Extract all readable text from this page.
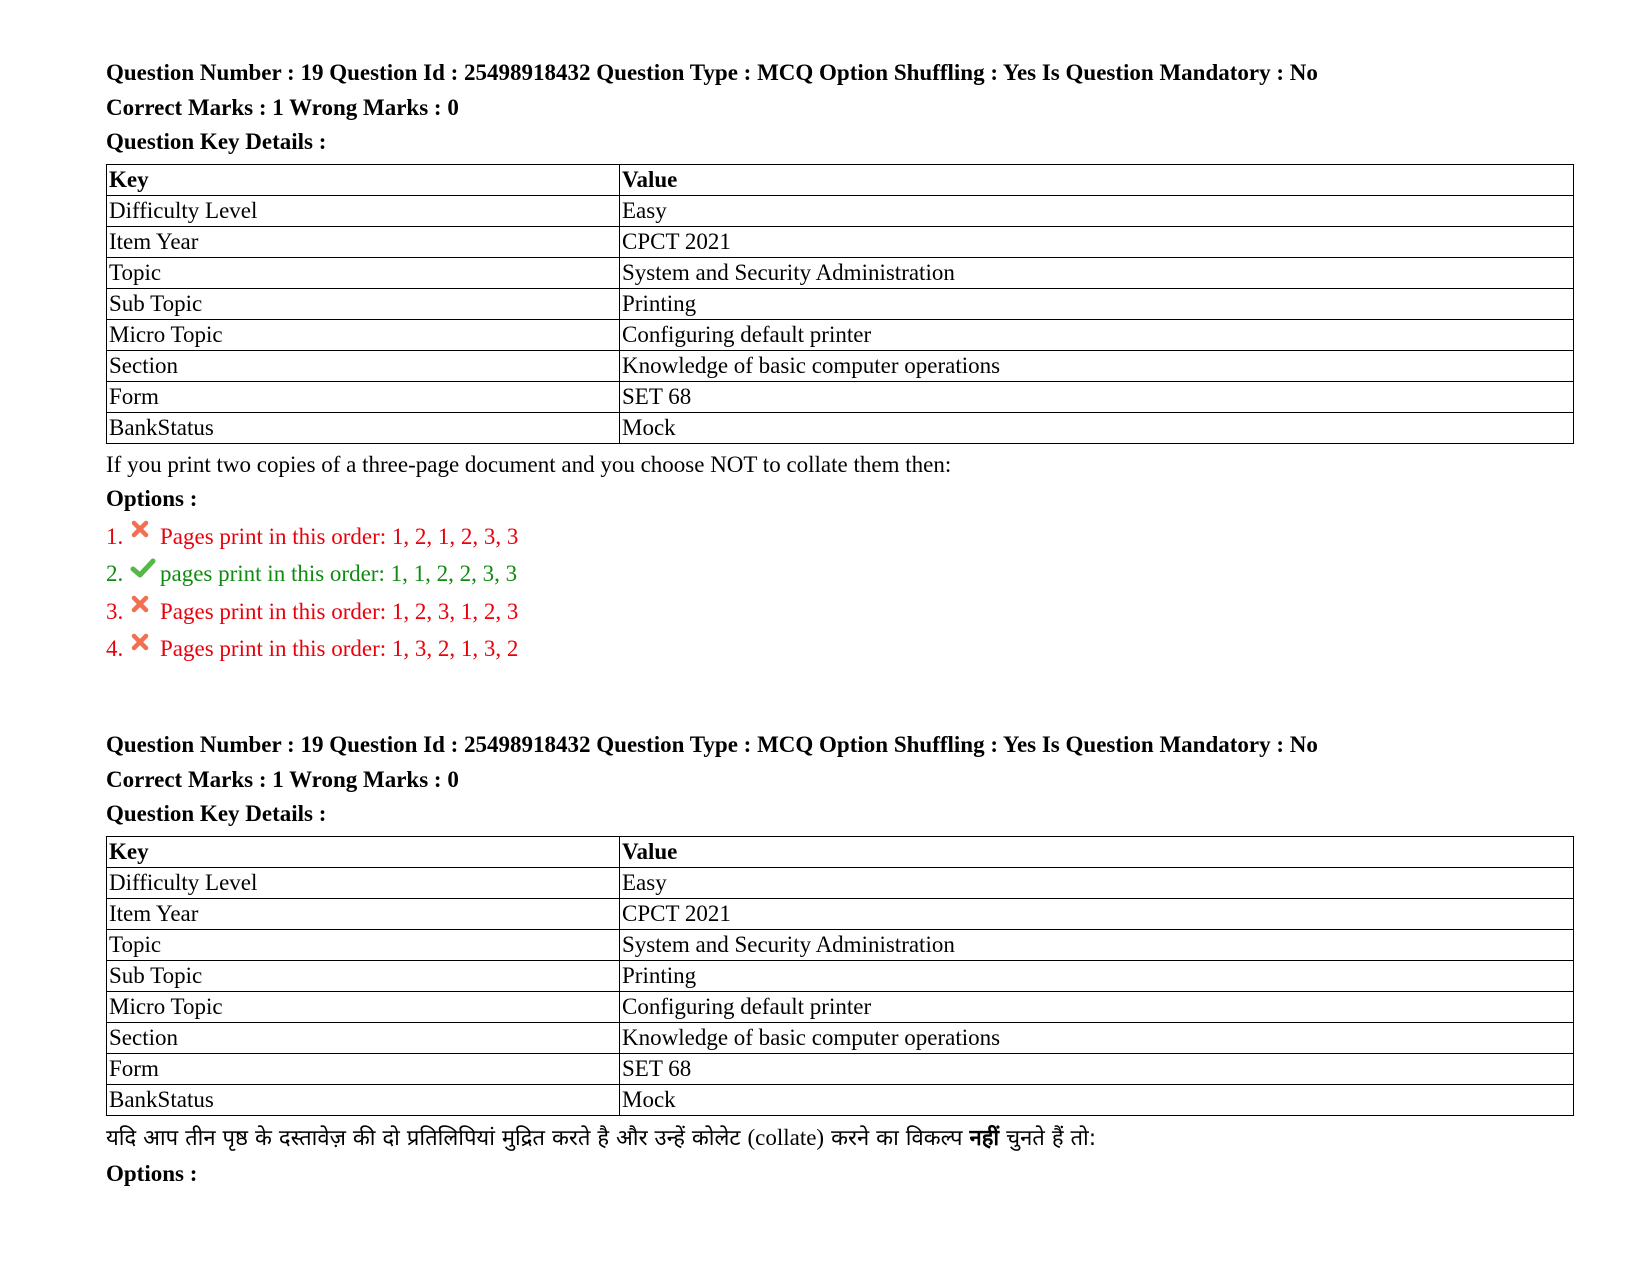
Question Number : 19 Question Id : 25498918432 Question Type : MCQ Option Shuffling : Yes Is Question Mandatory : No
Correct Marks : 1 Wrong Marks : 0
Question Key Details :
Key	Value
Difficulty Level	Easy
Item Year	CPCT 2021
Topic	System and Security Administration
Sub Topic	Printing
Micro Topic	Configuring default printer
Section	Knowledge of basic computer operations
Form	SET 68
BankStatus	Mock
If you print two copies of a three-page document and you choose NOT to collate them then:
Options :
1. Pages print in this order: 1, 2, 1, 2, 3, 3
2. pages print in this order: 1, 1, 2, 2, 3, 3
3. Pages print in this order: 1, 2, 3, 1, 2, 3
4. Pages print in this order: 1, 3, 2, 1, 3, 2
Question Number : 19 Question Id : 25498918432 Question Type : MCQ Option Shuffling : Yes Is Question Mandatory : No
Correct Marks : 1 Wrong Marks : 0
Question Key Details :
Key	Value
Difficulty Level	Easy
Item Year	CPCT 2021
Topic	System and Security Administration
Sub Topic	Printing
Micro Topic	Configuring default printer
Section	Knowledge of basic computer operations
Form	SET 68
BankStatus	Mock
यदि आप तीन पृष्ठ के दस्तावेज़ की दो प्रतिलिपियां मुद्रित करते है और उन्हें कोलेट (collate) करने का विकल्प नहीं चुनते हैं तो:
Options :
